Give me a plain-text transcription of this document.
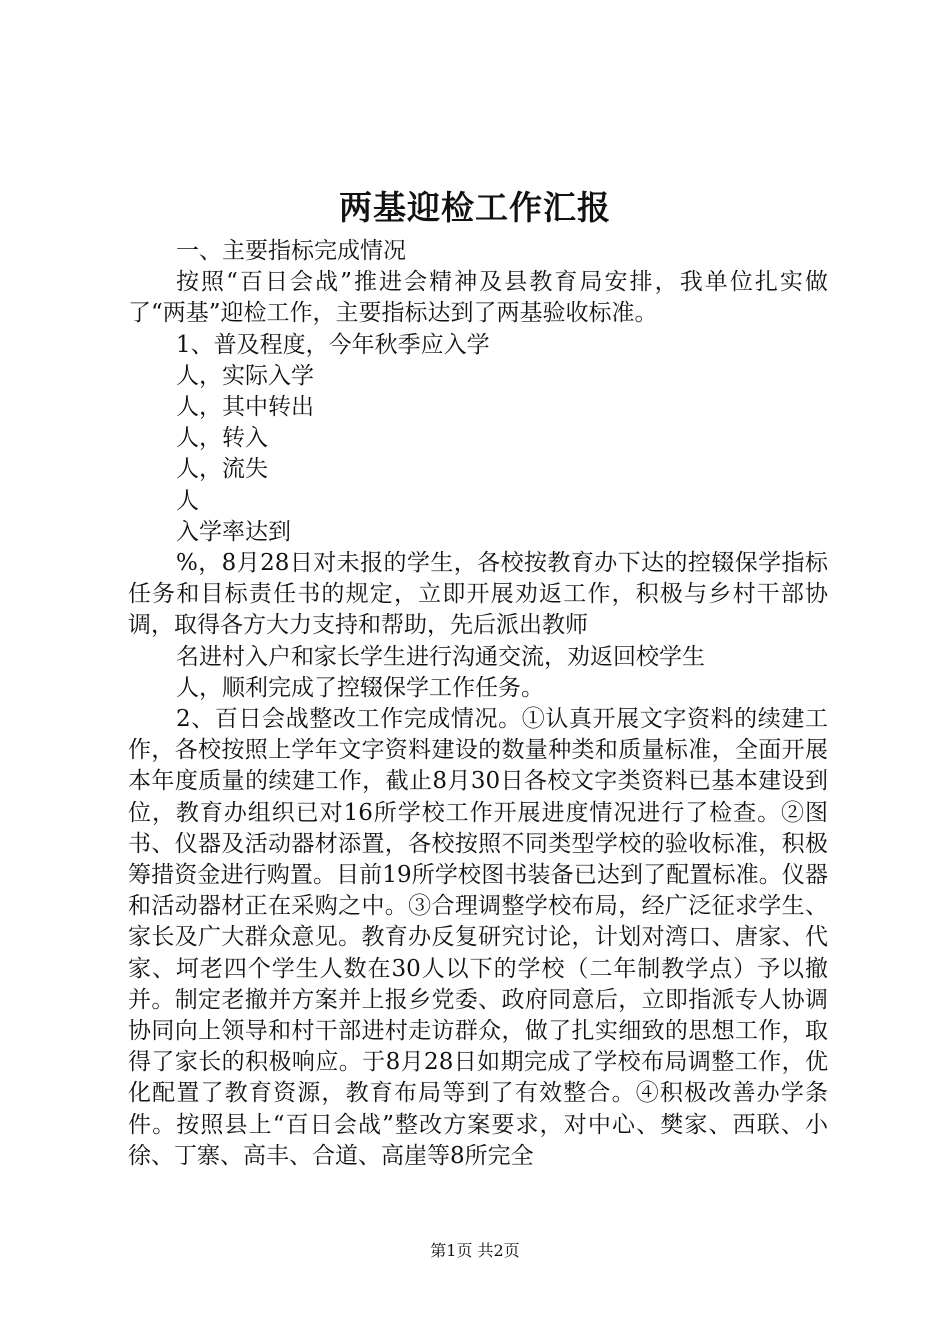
两基迎检工作汇报

一、主要指标完成情况

按照“百日会战”推进会精神及县教育局安排，我单位扎实做了“两基”迎检工作，主要指标达到了两基验收标准。

1、普及程度，今年秋季应入学

人，实际入学

人，其中转出

人，转入

人，流失

人

入学率达到

%，8月28日对未报的学生，各校按教育办下达的控辍保学指标任务和目标责任书的规定，立即开展劝返工作，积极与乡村干部协调，取得各方大力支持和帮助，先后派出教师

名进村入户和家长学生进行沟通交流，劝返回校学生

人，顺利完成了控辍保学工作任务。

2、百日会战整改工作完成情况。①认真开展文字资料的续建工作，各校按照上学年文字资料建设的数量种类和质量标准，全面开展本年度质量的续建工作，截止8月30日各校文字类资料已基本建设到位，教育办组织已对16所学校工作开展进度情况进行了检查。②图书、仪器及活动器材添置，各校按照不同类型学校的验收标准，积极筹措资金进行购置。目前19所学校图书装备已达到了配置标准。仪器和活动器材正在采购之中。③合理调整学校布局，经广泛征求学生、家长及广大群众意见。教育办反复研究讨论，计划对湾口、唐家、代家、坷老四个学生人数在30人以下的学校（二年制教学点）予以撤并。制定老撤并方案并上报乡党委、政府同意后，立即指派专人协调协同向上领导和村干部进村走访群众，做了扎实细致的思想工作，取得了家长的积极响应。于8月28日如期完成了学校布局调整工作，优化配置了教育资源，教育布局等到了有效整合。④积极改善办学条件。按照县上“百日会战”整改方案要求，对中心、樊家、西联、小徐、丁寨、高丰、合道、高崖等8所完全

第1页 共2页
